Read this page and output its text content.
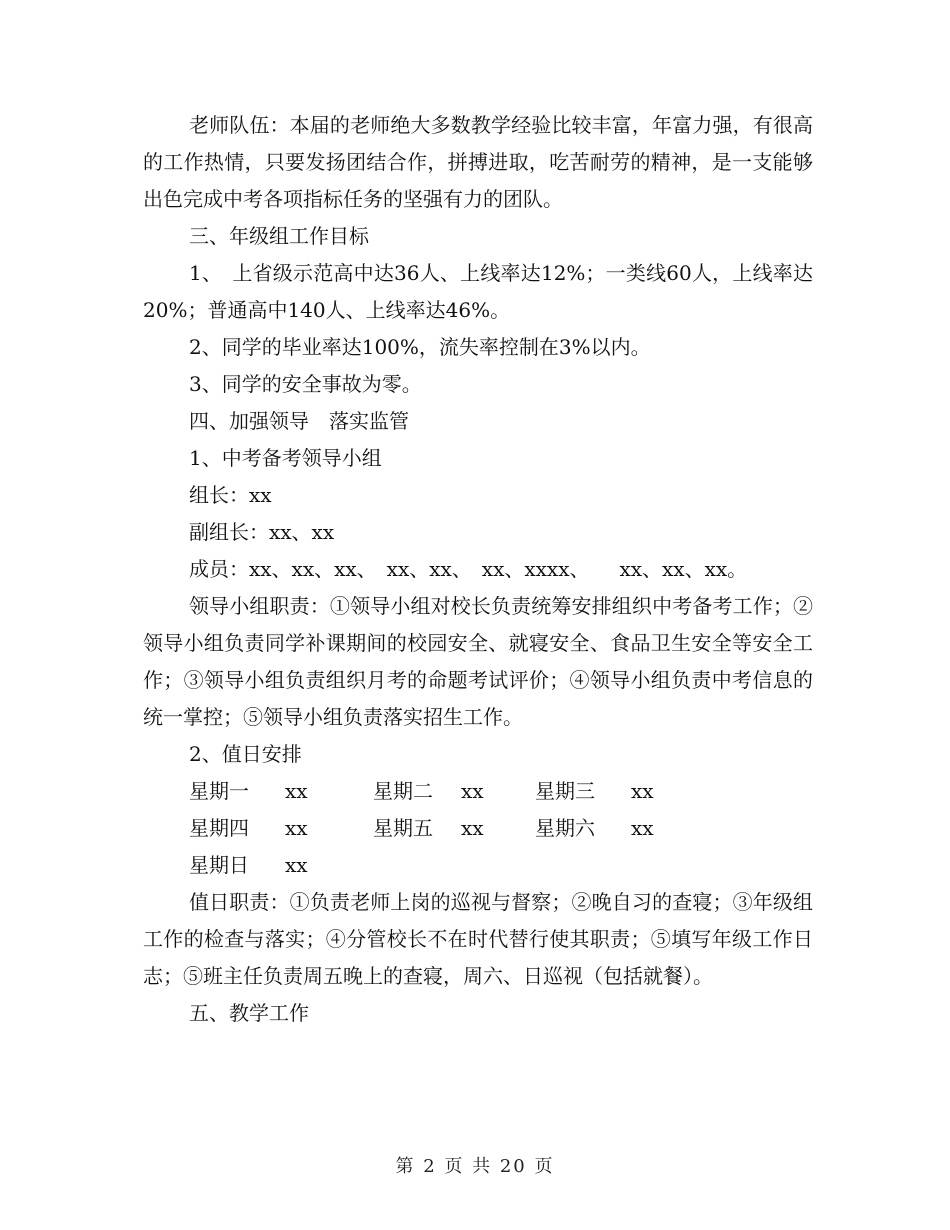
老师队伍：本届的老师绝大多数教学经验比较丰富，年富力强，有很高的工作热情，只要发扬团结合作，拼搏进取，吃苦耐劳的精神，是一支能够出色完成中考各项指标任务的坚强有力的团队。

三、年级组工作目标

1、　上省级示范高中达36人、上线率达12%；一类线60人，上线率达20%；普通高中140人、上线率达46%。

2、同学的毕业率达100%，流失率控制在3%以内。

3、同学的安全事故为零。

四、加强领导　落实监管

1、中考备考领导小组

组长：xx

副组长：xx、xx

成员：xx、xx、xx、　xx、xx、　xx、xxxx、　　xx、xx、xx。

领导小组职责：①领导小组对校长负责统筹安排组织中考备考工作；②领导小组负责同学补课期间的校园安全、就寝安全、食品卫生安全等安全工作；③领导小组负责组织月考的命题考试评价；④领导小组负责中考信息的统一掌控；⑤领导小组负责落实招生工作。

2、值日安排

星期一	xx	星期二	xx	星期三	xx
星期四	xx	星期五	xx	星期六	xx
星期日	xx

值日职责：①负责老师上岗的巡视与督察；②晚自习的查寝；③年级组工作的检查与落实；④分管校长不在时代替行使其职责；⑤填写年级工作日志；⑤班主任负责周五晚上的查寝，周六、日巡视（包括就餐）。

五、教学工作

第 2 页 共 20 页
